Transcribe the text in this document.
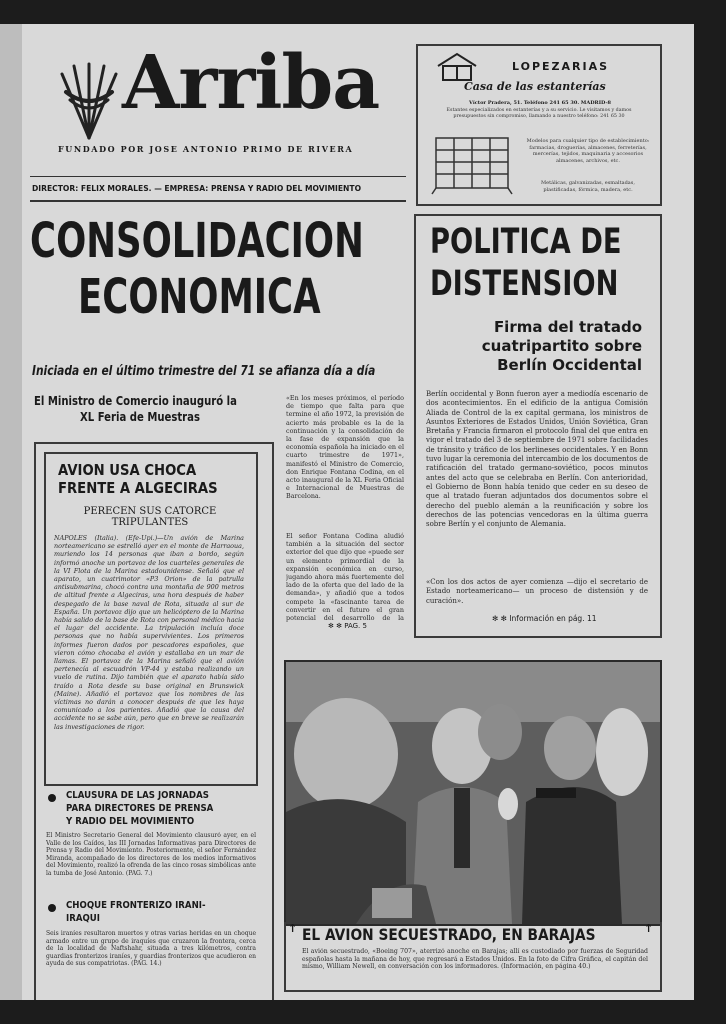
Arriba
FUNDADO POR JOSE ANTONIO PRIMO DE RIVERA
DIRECTOR: FELIX MORALES. — EMPRESA: PRENSA Y RADIO DEL MOVIMIENTO
LOPEZARIAS
Casa de las estanterías
Víctor Pradera, 51. Teléfono 241 65 30. MADRID-8
Estantes especializados en estanterías y a su servicio. Le visitamos y damos presupuestos sin compromiso, llamando a nuestro teléfono: 241 65 30
Modelos para cualquier tipo de establecimiento: farmacias, droguerías, almacenes, ferreterías, mercerías, tejidos, maquinaria y accesorios almacenes, archivos, etc.
Metálicas, galvanizadas, esmaltadas, plastificadas, fórmica, madera, etc.
CONSOLIDACION
ECONOMICA
Iniciada en el último trimestre del 71 se afianza día a día
El Ministro de Comercio inauguró la
XL Feria de Muestras
«En los meses próximos, el período de tiempo que falta para que termine el año 1972, la previsión de acierto más probable es la de la continuación y la consolidación de la fase de expansión que la economía española ha iniciado en el cuarto trimestre de 1971», manifestó el Ministro de Comercio, don Enrique Fontana Codina, en el acto inaugural de la XL Feria Oficial e Internacional de Muestras de Barcelona.
El señor Fontana Codina aludió también a la situación del sector exterior del que dijo que «puede ser un elemento primordial de la expansión económica en curso, jugando ahora más fuertemente del lado de la oferta que del lado de la demanda», y añadió que a todos compete la «fascinante tarea de convertir en el futuro el gran potencial del desarrollo de la
✻ ✻ PAG. 5
AVION USA CHOCA
FRENTE A ALGECIRAS
PERECEN SUS CATORCE
TRIPULANTES
NAPOLES (Italia). (Efe-Upi.)—Un avión de Marina norteamericano se estrelló ayer en el monte de Harraoua, muriendo los 14 personas que iban a bordo, según informó anoche un portavoz de los cuarteles generales de la VI Flota de la Marina estadounidense. Señaló que el aparato, un cuatrimotor «P3 Orion» de la patrulla antisubmarina, chocó contra una montaña de 900 metros de altitud frente a Algeciras, una hora después de haber despegado de la base naval de Rota, situada al sur de España. Un portavoz dijo que un helicóptero de la Marina había salido de la base de Rota con personal médico hacia el lugar del accidente. La tripulación incluía doce personas que no había supervivientes. Los primeros informes fueron dados por pescadores españoles, que vieron cómo chocaba el avión y estallaba en un mar de llamas. El portavoz de la Marina señaló que el avión pertenecía al escuadrón VP-44 y estaba realizando un vuelo de rutina. Dijo también que el aparato había sido traído a Rota desde su base original en Brunswick (Maine). Añadió el portavoz que los nombres de las víctimas no darán a conocer después de que les haya comunicado a los parientes. Añadió que la causa del accidente no se sabe aún, pero que en breve se realizarán las investigaciones de rigor.
CLAUSURA DE LAS JORNADAS
PARA DIRECTORES DE PRENSA
Y RADIO DEL MOVIMIENTO
El Ministro Secretario General del Movimiento clausuró ayer, en el Valle de los Caídos, las III Jornadas Informativas para Directores de Prensa y Radio del Movimiento. Posteriormente, el señor Fernández Miranda, acompañado de los directores de los medios informativos del Movimiento, realizó la ofrenda de las cinco rosas simbólicas ante la tumba de José Antonio. (PAG. 7.)
CHOQUE FRONTERIZO IRANI-
IRAQUI
Seis iraníes resultaron muertos y otras varias heridas en un choque armado entre un grupo de iraquíes que cruzaron la frontera, cerca de la localidad de Naftshahr, situada a tres kilómetros, contra guardias fronterizos iraníes, y guardias fronterizos que acudieron en ayuda de sus compatriotas. (PAG. 14.)
POLITICA DE
DISTENSION
Firma del tratado
cuatripartito sobre
Berlín Occidental
Berlín occidental y Bonn fueron ayer a mediodía escenario de dos acontecimientos. En el edificio de la antigua Comisión Aliada de Control de la ex capital germana, los ministros de Asuntos Exteriores de Estados Unidos, Unión Soviética, Gran Bretaña y Francia firmaron el protocolo final del que entra en vigor el tratado del 3 de septiembre de 1971 sobre facilidades de tránsito y tráfico de los berlineses occidentales. Y en Bonn tuvo lugar la ceremonia del intercambio de los documentos de ratificación del tratado germano-soviético, pocos minutos antes del acto que se celebraba en Berlín. Con anterioridad, el Gobierno de Bonn había tenido que ceder en su deseo de que al tratado fueran adjuntados dos documentos sobre el derecho del pueblo alemán a la reunificación y sobre los derechos de las potencias vencedoras en la última guerra sobre Berlín y el conjunto de Alemania.
«Con los dos actos de ayer comienza —dijo el secretario de Estado norteamericano— un proceso de distensión y de curación».
✻ ✻ Información en pág. 11
↑	↑
EL AVION SECUESTRADO, EN BARAJAS
El avión secuestrado, «Boeing 707», aterrizó anoche en Barajas; allí es custodiado por fuerzas de Seguridad españolas hasta la mañana de hoy, que regresará a Estados Unidos. En la foto de Cifra Gráfica, el capitán del mismo, William Newell, en conversación con los informadores. (Información, en página 40.)
